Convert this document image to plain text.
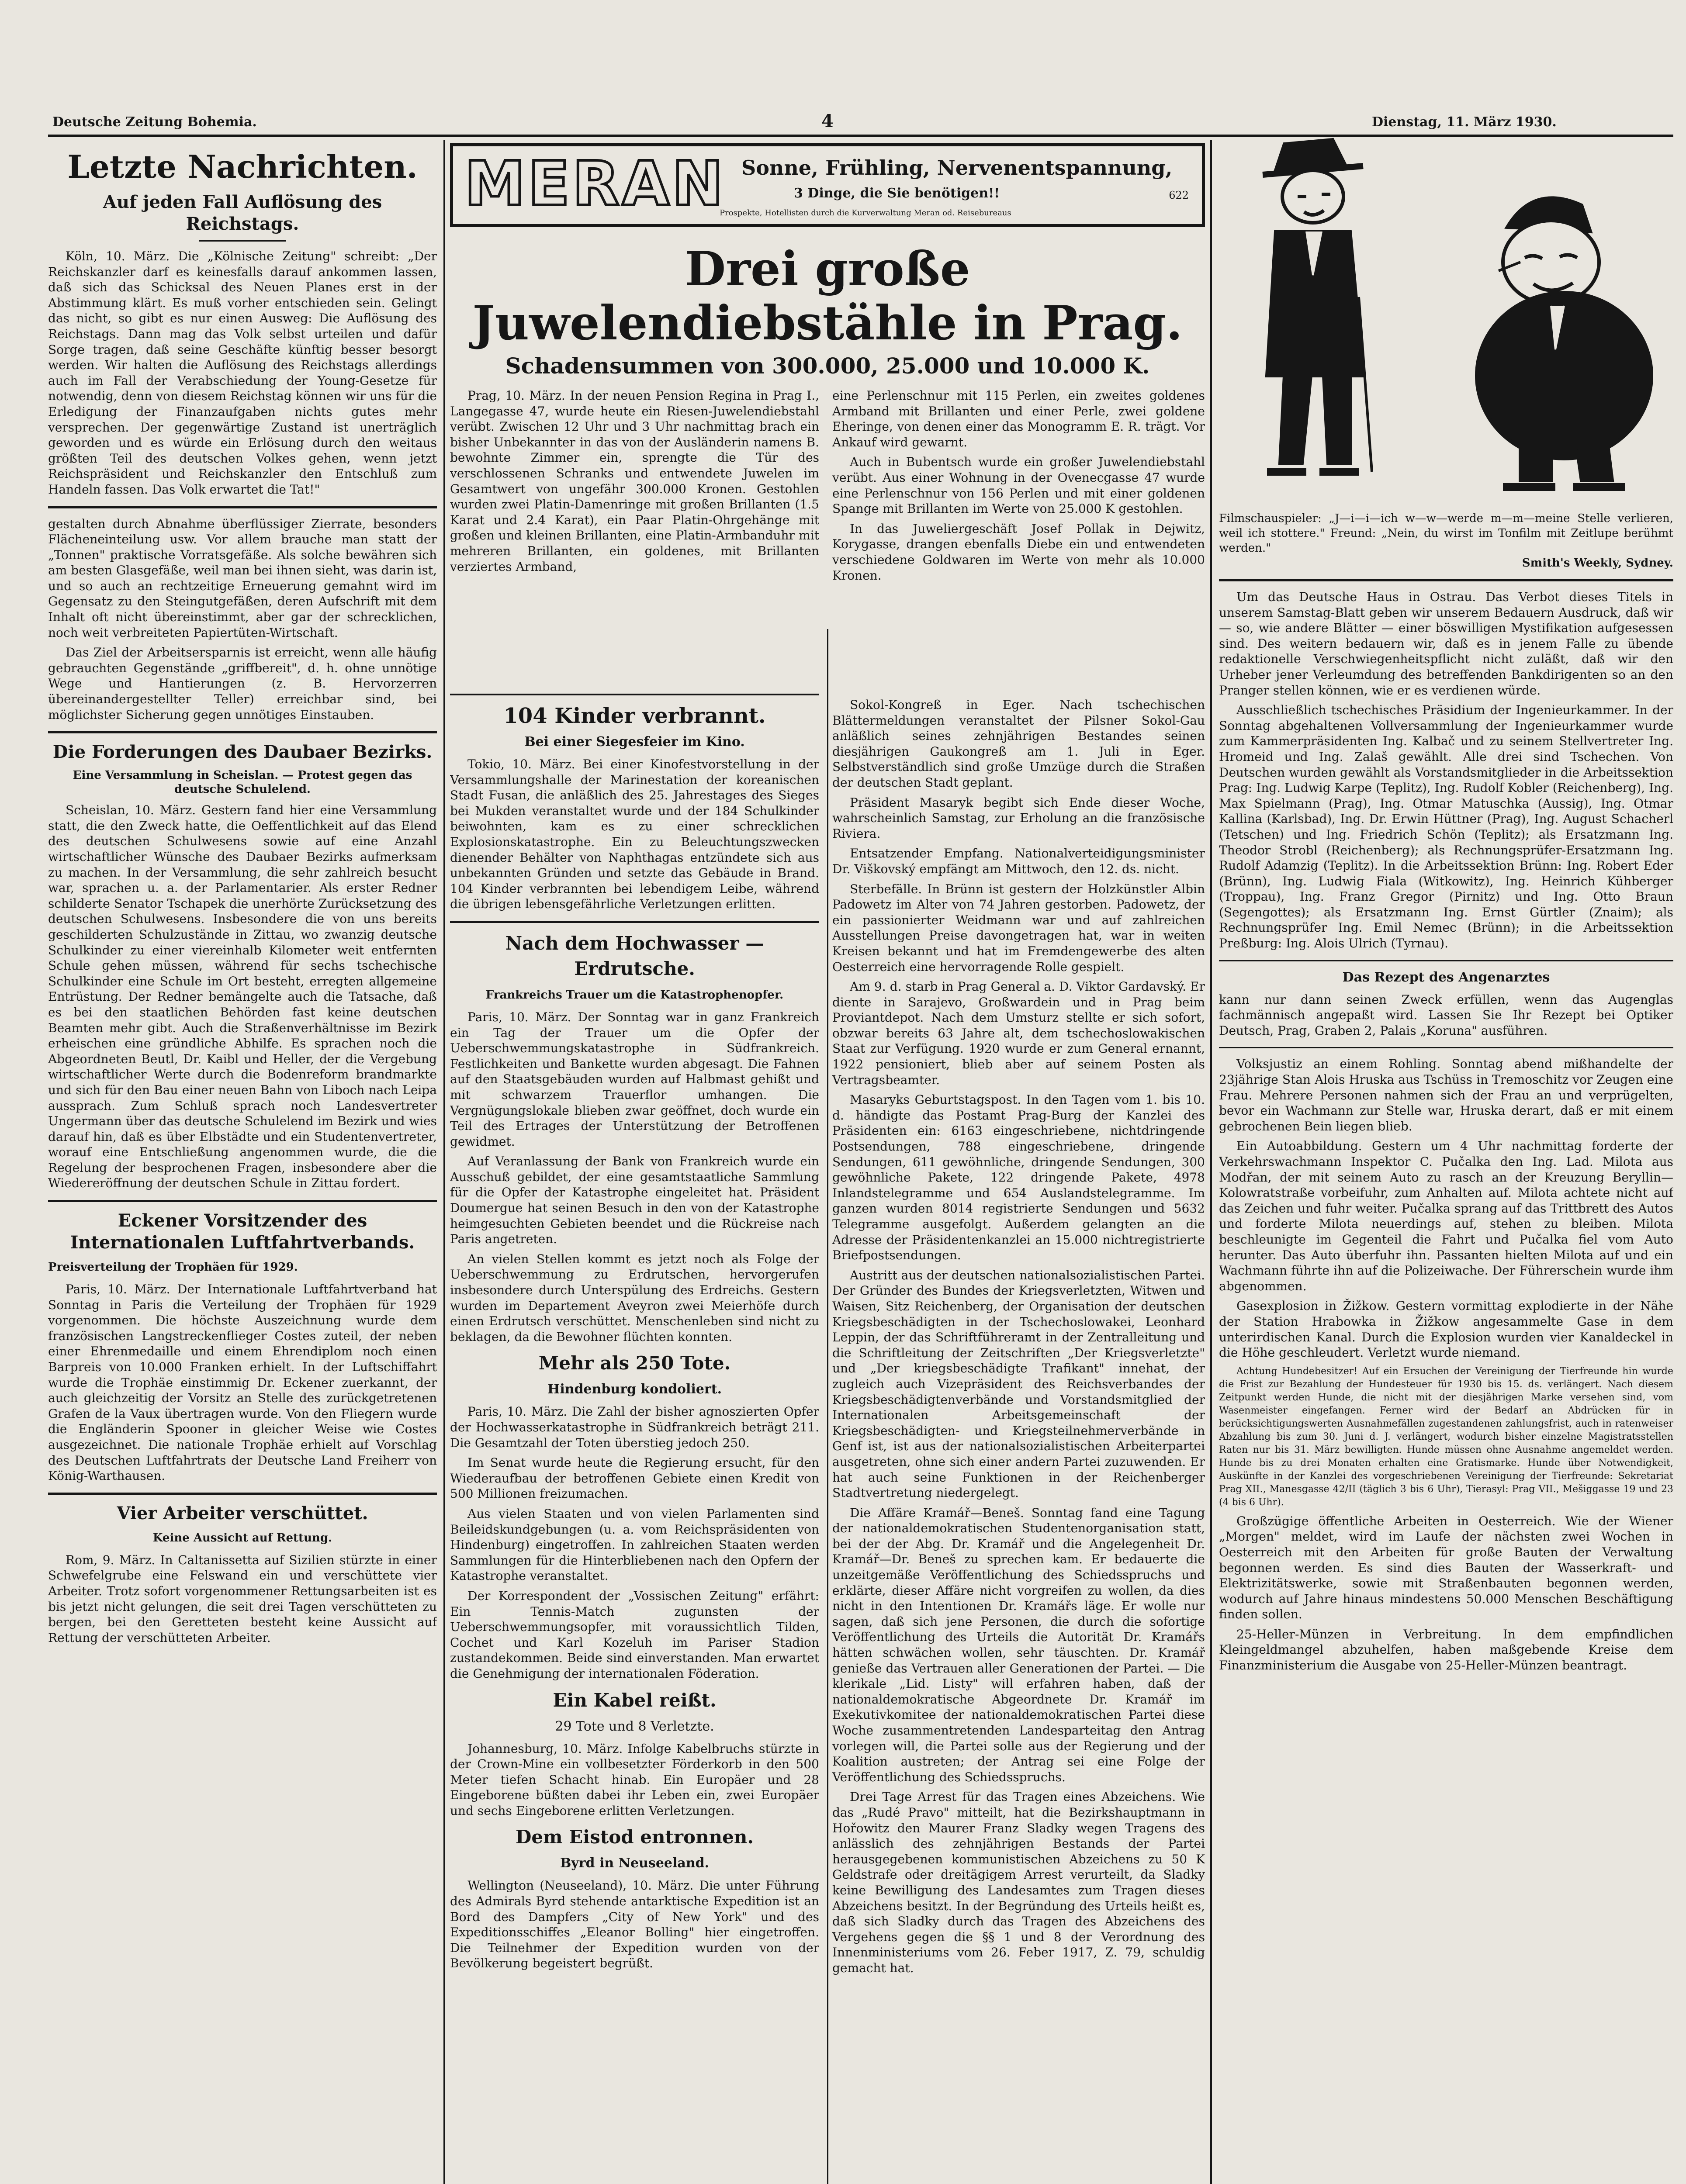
Deutsche Zeitung Bohemia.	4	Dienstag, 11. März 1930.
Letzte Nachrichten.
Auf jeden Fall Auflösung des Reichstags.

Köln, 10. März. Die „Kölnische Zeitung" schreibt: „Der Reichskanzler darf es keinesfalls darauf ankommen lassen, daß sich das Schicksal des Neuen Planes erst in der Abstimmung klärt. Es muß vorher entschieden sein. Gelingt das nicht, so gibt es nur einen Ausweg: Die Auflösung des Reichstags. Dann mag das Volk selbst urteilen und dafür Sorge tragen, daß seine Geschäfte künftig besser besorgt werden. Wir halten die Auflösung des Reichstags allerdings auch im Fall der Verabschiedung der Young-Gesetze für notwendig, denn von diesem Reichstag können wir uns für die Erledigung der Finanzaufgaben nichts gutes mehr versprechen. Der gegenwärtige Zustand ist unerträglich geworden und es würde ein Erlösung durch den weitaus größten Teil des deutschen Volkes gehen, wenn jetzt Reichspräsident und Reichskanzler den Entschluß zum Handeln fassen. Das Volk erwartet die Tat!"

gestalten durch Abnahme überflüssiger Zierrate, besonders Flächeneinteilung usw. Vor allem brauche man statt der „Tonnen" praktische Vorratsgefäße. Als solche bewähren sich am besten Glasgefäße, weil man bei ihnen sieht, was darin ist, und so auch an rechtzeitige Erneuerung gemahnt wird im Gegensatz zu den Steingutgefäßen, deren Aufschrift mit dem Inhalt oft nicht übereinstimmt, aber gar der schrecklichen, noch weit verbreiteten Papiertüten-Wirtschaft.

Das Ziel der Arbeitsersparnis ist erreicht, wenn alle häufig gebrauchten Gegenstände „griffbereit", d. h. ohne unnötige Wege und Hantierungen (z. B. Hervorzerren übereinandergestellter Teller) erreichbar sind, bei möglichster Sicherung gegen unnötiges Einstauben.

Die Forderungen des Daubaer Bezirks.
Eine Versammlung in Scheislan. — Protest gegen das deutsche Schulelend.

Scheislan, 10. März. Gestern fand hier eine Versammlung statt, die den Zweck hatte, die Oeffentlichkeit auf das Elend des deutschen Schulwesens sowie auf eine Anzahl wirtschaftlicher Wünsche des Daubaer Bezirks aufmerksam zu machen. In der Versammlung, die sehr zahlreich besucht war, sprachen u. a. der Parlamentarier. Als erster Redner schilderte Senator Tschapek die unerhörte Zurücksetzung des deutschen Schulwesens. Insbesondere die von uns bereits geschilderten Schulzustände in Zittau, wo zwanzig deutsche Schulkinder zu einer viereinhalb Kilometer weit entfernten Schule gehen müssen, während für sechs tschechische Schulkinder eine Schule im Ort besteht, erregten allgemeine Entrüstung. Der Redner bemängelte auch die Tatsache, daß es bei den staatlichen Behörden fast keine deutschen Beamten mehr gibt. Auch die Straßenverhältnisse im Bezirk erheischen eine gründliche Abhilfe. Es sprachen noch die Abgeordneten Beutl, Dr. Kaibl und Heller, der die Vergebung wirtschaftlicher Werte durch die Bodenreform brandmarkte und sich für den Bau einer neuen Bahn von Liboch nach Leipa aussprach. Zum Schluß sprach noch Landesvertreter Ungermann über das deutsche Schulelend im Bezirk und wies darauf hin, daß es über Elbstädte und ein Studentenvertreter, worauf eine Entschließung angenommen wurde, die die Regelung der besprochenen Fragen, insbesondere aber die Wiedereröffnung der deutschen Schule in Zittau fordert.

Eckener Vorsitzender des Internationalen Luftfahrtverbands.
Preisverteilung der Trophäen für 1929.

Paris, 10. März. Der Internationale Luftfahrtverband hat Sonntag in Paris die Verteilung der Trophäen für 1929 vorgenommen. Die höchste Auszeichnung wurde dem französischen Langstreckenflieger Costes zuteil, der neben einer Ehrenmedaille und einem Ehrendiplom noch einen Barpreis von 10.000 Franken erhielt. In der Luftschiffahrt wurde die Trophäe einstimmig Dr. Eckener zuerkannt, der auch gleichzeitig der Vorsitz an Stelle des zurückgetretenen Grafen de la Vaux übertragen wurde. Von den Fliegern wurde die Engländerin Spooner in gleicher Weise wie Costes ausgezeichnet. Die nationale Trophäe erhielt auf Vorschlag des Deutschen Luftfahrtrats der Deutsche Land Freiherr von König-Warthausen.

Vier Arbeiter verschüttet.
Keine Aussicht auf Rettung.

Rom, 9. März. In Caltanissetta auf Sizilien stürzte in einer Schwefelgrube eine Felswand ein und verschüttete vier Arbeiter. Trotz sofort vorgenommener Rettungsarbeiten ist es bis jetzt nicht gelungen, die seit drei Tagen verschütteten zu bergen, bei den Geretteten besteht keine Aussicht auf Rettung der verschütteten Arbeiter.

MERAN Sonne, Frühling, Nervenentspannung,
3 Dinge, die Sie benötigen!!	622
Prospekte, Hotellisten durch die Kurverwaltung Meran od. Reisebureaus
Drei große Juwelendiebstähle in Prag.
Schadensummen von 300.000, 25.000 und 10.000 K.

Prag, 10. März. In der neuen Pension Regina in Prag I., Langegasse 47, wurde heute ein Riesen-Juwelendiebstahl verübt. Zwischen 12 Uhr und 3 Uhr nachmittag brach ein bisher Unbekannter in das von der Ausländerin namens B. bewohnte Zimmer ein, sprengte die Tür des verschlossenen Schranks und entwendete Juwelen im Gesamtwert von ungefähr 300.000 Kronen. Gestohlen wurden zwei Platin-Damenringe mit großen Brillanten (1.5 Karat und 2.4 Karat), ein Paar Platin-Ohrgehänge mit großen und kleinen Brillanten, eine Platin-Armbanduhr mit mehreren Brillanten, ein goldenes, mit Brillanten verziertes Armband,

eine Perlenschnur mit 115 Perlen, ein zweites goldenes Armband mit Brillanten und einer Perle, zwei goldene Eheringe, von denen einer das Monogramm E. R. trägt. Vor Ankauf wird gewarnt.

Auch in Bubentsch wurde ein großer Juwelendiebstahl verübt. Aus einer Wohnung in der Ovenecgasse 47 wurde eine Perlenschnur von 156 Perlen und mit einer goldenen Spange mit Brillanten im Werte von 25.000 K gestohlen.

In das Juweliergeschäft Josef Pollak in Dejwitz, Korygasse, drangen ebenfalls Diebe ein und entwendeten verschiedene Goldwaren im Werte von mehr als 10.000 Kronen.

104 Kinder verbrannt.
Bei einer Siegesfeier im Kino.

Tokio, 10. März. Bei einer Kinofestvorstellung in der Versammlungshalle der Marinestation der koreanischen Stadt Fusan, die anläßlich des 25. Jahrestages des Sieges bei Mukden veranstaltet wurde und der 184 Schulkinder beiwohnten, kam es zu einer schrecklichen Explosionskatastrophe. Ein zu Beleuchtungszwecken dienender Behälter von Naphthagas entzündete sich aus unbekannten Gründen und setzte das Gebäude in Brand. 104 Kinder verbrannten bei lebendigem Leibe, während die übrigen lebensgefährliche Verletzungen erlitten.

Nach dem Hochwasser — Erdrutsche.
Frankreichs Trauer um die Katastrophenopfer.

Paris, 10. März. Der Sonntag war in ganz Frankreich ein Tag der Trauer um die Opfer der Ueberschwemmungskatastrophe in Südfrankreich. Festlichkeiten und Bankette wurden abgesagt. Die Fahnen auf den Staatsgebäuden wurden auf Halbmast gehißt und mit schwarzem Trauerflor umhangen. Die Vergnügungslokale blieben zwar geöffnet, doch wurde ein Teil des Ertrages der Unterstützung der Betroffenen gewidmet.

Auf Veranlassung der Bank von Frankreich wurde ein Ausschuß gebildet, der eine gesamtstaatliche Sammlung für die Opfer der Katastrophe eingeleitet hat. Präsident Doumergue hat seinen Besuch in den von der Katastrophe heimgesuchten Gebieten beendet und die Rückreise nach Paris angetreten.

An vielen Stellen kommt es jetzt noch als Folge der Ueberschwemmung zu Erdrutschen, hervorgerufen insbesondere durch Unterspülung des Erdreichs. Gestern wurden im Departement Aveyron zwei Meierhöfe durch einen Erdrutsch verschüttet. Menschenleben sind nicht zu beklagen, da die Bewohner flüchten konnten.

Mehr als 250 Tote.
Hindenburg kondoliert.

Paris, 10. März. Die Zahl der bisher agnoszierten Opfer der Hochwasserkatastrophe in Südfrankreich beträgt 211. Die Gesamtzahl der Toten überstieg jedoch 250.

Im Senat wurde heute die Regierung ersucht, für den Wiederaufbau der betroffenen Gebiete einen Kredit von 500 Millionen freizumachen.

Aus vielen Staaten und von vielen Parlamenten sind Beileidskundgebungen (u. a. vom Reichspräsidenten von Hindenburg) eingetroffen. In zahlreichen Staaten werden Sammlungen für die Hinterbliebenen nach den Opfern der Katastrophe veranstaltet.

Der Korrespondent der „Vossischen Zeitung" erfährt: Ein Tennis-Match zugunsten der Ueberschwemmungsopfer, mit voraussichtlich Tilden, Cochet und Karl Kozeluh im Pariser Stadion zustandekommen. Beide sind einverstanden. Man erwartet die Genehmigung der internationalen Föderation.

Ein Kabel reißt.
29 Tote und 8 Verletzte.

Johannesburg, 10. März. Infolge Kabelbruchs stürzte in der Crown-Mine ein vollbesetzter Förderkorb in den 500 Meter tiefen Schacht hinab. Ein Europäer und 28 Eingeborene büßten dabei ihr Leben ein, zwei Europäer und sechs Eingeborene erlitten Verletzungen.

Dem Eistod entronnen.
Byrd in Neuseeland.

Wellington (Neuseeland), 10. März. Die unter Führung des Admirals Byrd stehende antarktische Expedition ist an Bord des Dampfers „City of New York" und des Expeditionsschiffes „Eleanor Bolling" hier eingetroffen. Die Teilnehmer der Expedition wurden von der Bevölkerung begeistert begrüßt.

Sokol-Kongreß in Eger. Nach tschechischen Blättermeldungen veranstaltet der Pilsner Sokol-Gau anläßlich seines zehnjährigen Bestandes seinen diesjährigen Gaukongreß am 1. Juli in Eger. Selbstverständlich sind große Umzüge durch die Straßen der deutschen Stadt geplant.

Präsident Masaryk begibt sich Ende dieser Woche, wahrscheinlich Samstag, zur Erholung an die französische Riviera.

Entsatzender Empfang. Nationalverteidigungsminister Dr. Viškovský empfängt am Mittwoch, den 12. ds. nicht.

Sterbefälle. In Brünn ist gestern der Holzkünstler Albin Padowetz im Alter von 74 Jahren gestorben. Padowetz, der ein passionierter Weidmann war und auf zahlreichen Ausstellungen Preise davongetragen hat, war in weiten Kreisen bekannt und hat im Fremdengewerbe des alten Oesterreich eine hervorragende Rolle gespielt.

Am 9. d. starb in Prag General a. D. Viktor Gardavský. Er diente in Sarajevo, Großwardein und in Prag beim Proviantdepot. Nach dem Umsturz stellte er sich sofort, obzwar bereits 63 Jahre alt, dem tschechoslowakischen Staat zur Verfügung. 1920 wurde er zum General ernannt, 1922 pensioniert, blieb aber auf seinem Posten als Vertragsbeamter.

Masaryks Geburtstagspost. In den Tagen vom 1. bis 10. d. händigte das Postamt Prag-Burg der Kanzlei des Präsidenten ein: 6163 eingeschriebene, nichtdringende Postsendungen, 788 eingeschriebene, dringende Sendungen, 611 gewöhnliche, dringende Sendungen, 300 gewöhnliche Pakete, 122 dringende Pakete, 4978 Inlandstelegramme und 654 Auslandstelegramme. Im ganzen wurden 8014 registrierte Sendungen und 5632 Telegramme ausgefolgt. Außerdem gelangten an die Adresse der Präsidentenkanzlei an 15.000 nichtregistrierte Briefpostsendungen.

Austritt aus der deutschen nationalsozialistischen Partei. Der Gründer des Bundes der Kriegsverletzten, Witwen und Waisen, Sitz Reichenberg, der Organisation der deutschen Kriegsbeschädigten in der Tschechoslowakei, Leonhard Leppin, der das Schriftführeramt in der Zentralleitung und die Schriftleitung der Zeitschriften „Der Kriegsverletzte" und „Der kriegsbeschädigte Trafikant" innehat, der zugleich auch Vizepräsident des Reichsverbandes der Kriegsbeschädigtenverbände und Vorstandsmitglied der Internationalen Arbeitsgemeinschaft der Kriegsbeschädigten- und Kriegsteilnehmerverbände in Genf ist, ist aus der nationalsozialistischen Arbeiterpartei ausgetreten, ohne sich einer andern Partei zuzuwenden. Er hat auch seine Funktionen in der Reichenberger Stadtvertretung niedergelegt.

Die Affäre Kramář—Beneš. Sonntag fand eine Tagung der nationaldemokratischen Studentenorganisation statt, bei der der Abg. Dr. Kramář und die Angelegenheit Dr. Kramář—Dr. Beneš zu sprechen kam. Er bedauerte die unzeitgemäße Veröffentlichung des Schiedsspruchs und erklärte, dieser Affäre nicht vorgreifen zu wollen, da dies nicht in den Intentionen Dr. Kramářs läge. Er wolle nur sagen, daß sich jene Personen, die durch die sofortige Veröffentlichung des Urteils die Autorität Dr. Kramářs hätten schwächen wollen, sehr täuschten. Dr. Kramář genieße das Vertrauen aller Generationen der Partei. — Die klerikale „Lid. Listy" will erfahren haben, daß der nationaldemokratische Abgeordnete Dr. Kramář im Exekutivkomitee der nationaldemokratischen Partei diese Woche zusammentretenden Landesparteitag den Antrag vorlegen will, die Partei solle aus der Regierung und der Koalition austreten; der Antrag sei eine Folge der Veröffentlichung des Schiedsspruchs.

Drei Tage Arrest für das Tragen eines Abzeichens. Wie das „Rudé Pravo" mitteilt, hat die Bezirkshauptmann in Hořowitz den Maurer Franz Sladky wegen Tragens des anlässlich des zehnjährigen Bestands der Partei herausgegebenen kommunistischen Abzeichens zu 50 K Geldstrafe oder dreitägigem Arrest verurteilt, da Sladky keine Bewilligung des Landesamtes zum Tragen dieses Abzeichens besitzt. In der Begründung des Urteils heißt es, daß sich Sladky durch das Tragen des Abzeichens des Vergehens gegen die §§ 1 und 8 der Verordnung des Innenministeriums vom 26. Feber 1917, Z. 79, schuldig gemacht hat.

Filmschauspieler: „J—i—i—ich w—w—werde m—m—meine Stelle verlieren, weil ich stottere." Freund: „Nein, du wirst im Tonfilm mit Zeitlupe berühmt werden."

Smith's Weekly, Sydney.

Um das Deutsche Haus in Ostrau. Das Verbot dieses Titels in unserem Samstag-Blatt geben wir unserem Bedauern Ausdruck, daß wir — so, wie andere Blätter — einer böswilligen Mystifikation aufgesessen sind. Des weitern bedauern wir, daß es in jenem Falle zu übende redaktionelle Verschwiegenheitspflicht nicht zuläßt, daß wir den Urheber jener Verleumdung des betreffenden Bankdirigenten so an den Pranger stellen können, wie er es verdienen würde.

Ausschließlich tschechisches Präsidium der Ingenieurkammer. In der Sonntag abgehaltenen Vollversammlung der Ingenieurkammer wurde zum Kammerpräsidenten Ing. Kalbač und zu seinem Stellvertreter Ing. Hromeid und Ing. Zalaš gewählt. Alle drei sind Tschechen. Von Deutschen wurden gewählt als Vorstandsmitglieder in die Arbeitssektion Prag: Ing. Ludwig Karpe (Teplitz), Ing. Rudolf Kobler (Reichenberg), Ing. Max Spielmann (Prag), Ing. Otmar Matuschka (Aussig), Ing. Otmar Kallina (Karlsbad), Ing. Dr. Erwin Hüttner (Prag), Ing. August Schacherl (Tetschen) und Ing. Friedrich Schön (Teplitz); als Ersatzmann Ing. Theodor Strobl (Reichenberg); als Rechnungsprüfer-Ersatzmann Ing. Rudolf Adamzig (Teplitz). In die Arbeitssektion Brünn: Ing. Robert Eder (Brünn), Ing. Ludwig Fiala (Witkowitz), Ing. Heinrich Kühberger (Troppau), Ing. Franz Gregor (Pirnitz) und Ing. Otto Braun (Segengottes); als Ersatzmann Ing. Ernst Gürtler (Znaim); als Rechnungsprüfer Ing. Emil Nemec (Brünn); in die Arbeitssektion Preßburg: Ing. Alois Ulrich (Tyrnau).

Das Rezept des Angenarztes

kann nur dann seinen Zweck erfüllen, wenn das Augenglas fachmännisch angepaßt wird. Lassen Sie Ihr Rezept bei Optiker Deutsch, Prag, Graben 2, Palais „Koruna" ausführen.

Volksjustiz an einem Rohling. Sonntag abend mißhandelte der 23jährige Stan Alois Hruska aus Tschüss in Tremoschitz vor Zeugen eine Frau. Mehrere Personen nahmen sich der Frau an und verprügelten, bevor ein Wachmann zur Stelle war, Hruska derart, daß er mit einem gebrochenen Bein liegen blieb.

Ein Autoabbildung. Gestern um 4 Uhr nachmittag forderte der Verkehrswachmann Inspektor C. Pučalka den Ing. Lad. Milota aus Modřan, der mit seinem Auto zu rasch an der Kreuzung Beryllin—Kolowratstraße vorbeifuhr, zum Anhalten auf. Milota achtete nicht auf das Zeichen und fuhr weiter. Pučalka sprang auf das Trittbrett des Autos und forderte Milota neuerdings auf, stehen zu bleiben. Milota beschleunigte im Gegenteil die Fahrt und Pučalka fiel vom Auto herunter. Das Auto überfuhr ihn. Passanten hielten Milota auf und ein Wachmann führte ihn auf die Polizeiwache. Der Führerschein wurde ihm abgenommen.

Gasexplosion in Žižkow. Gestern vormittag explodierte in der Nähe der Station Hrabowka in Žižkow angesammelte Gase in dem unterirdischen Kanal. Durch die Explosion wurden vier Kanaldeckel in die Höhe geschleudert. Verletzt wurde niemand.

Achtung Hundebesitzer! Auf ein Ersuchen der Vereinigung der Tierfreunde hin wurde die Frist zur Bezahlung der Hundesteuer für 1930 bis 15. ds. verlängert. Nach diesem Zeitpunkt werden Hunde, die nicht mit der diesjährigen Marke versehen sind, vom Wasenmeister eingefangen. Ferner wird der Bedarf an Abdrücken für in berücksichtigungswerten Ausnahmefällen zugestandenen zahlungsfrist, auch in ratenweiser Abzahlung bis zum 30. Juni d. J. verlängert, wodurch bisher einzelne Magistratsstellen Raten nur bis 31. März bewilligten. Hunde müssen ohne Ausnahme angemeldet werden. Hunde bis zu drei Monaten erhalten eine Gratismarke. Hunde über Notwendigkeit, Auskünfte in der Kanzlei des vorgeschriebenen Vereinigung der Tierfreunde: Sekretariat Prag XII., Manesgasse 42/II (täglich 3 bis 6 Uhr), Tierasyl: Prag VII., Mešiggasse 19 und 23 (4 bis 6 Uhr).

Großzügige öffentliche Arbeiten in Oesterreich. Wie der Wiener „Morgen" meldet, wird im Laufe der nächsten zwei Wochen in Oesterreich mit den Arbeiten für große Bauten der Verwaltung begonnen werden. Es sind dies Bauten der Wasserkraft- und Elektrizitätswerke, sowie mit Straßenbauten begonnen werden, wodurch auf Jahre hinaus mindestens 50.000 Menschen Beschäftigung finden sollen.

25-Heller-Münzen in Verbreitung. In dem empfindlichen Kleingeldmangel abzuhelfen, haben maßgebende Kreise dem Finanzministerium die Ausgabe von 25-Heller-Münzen beantragt.
